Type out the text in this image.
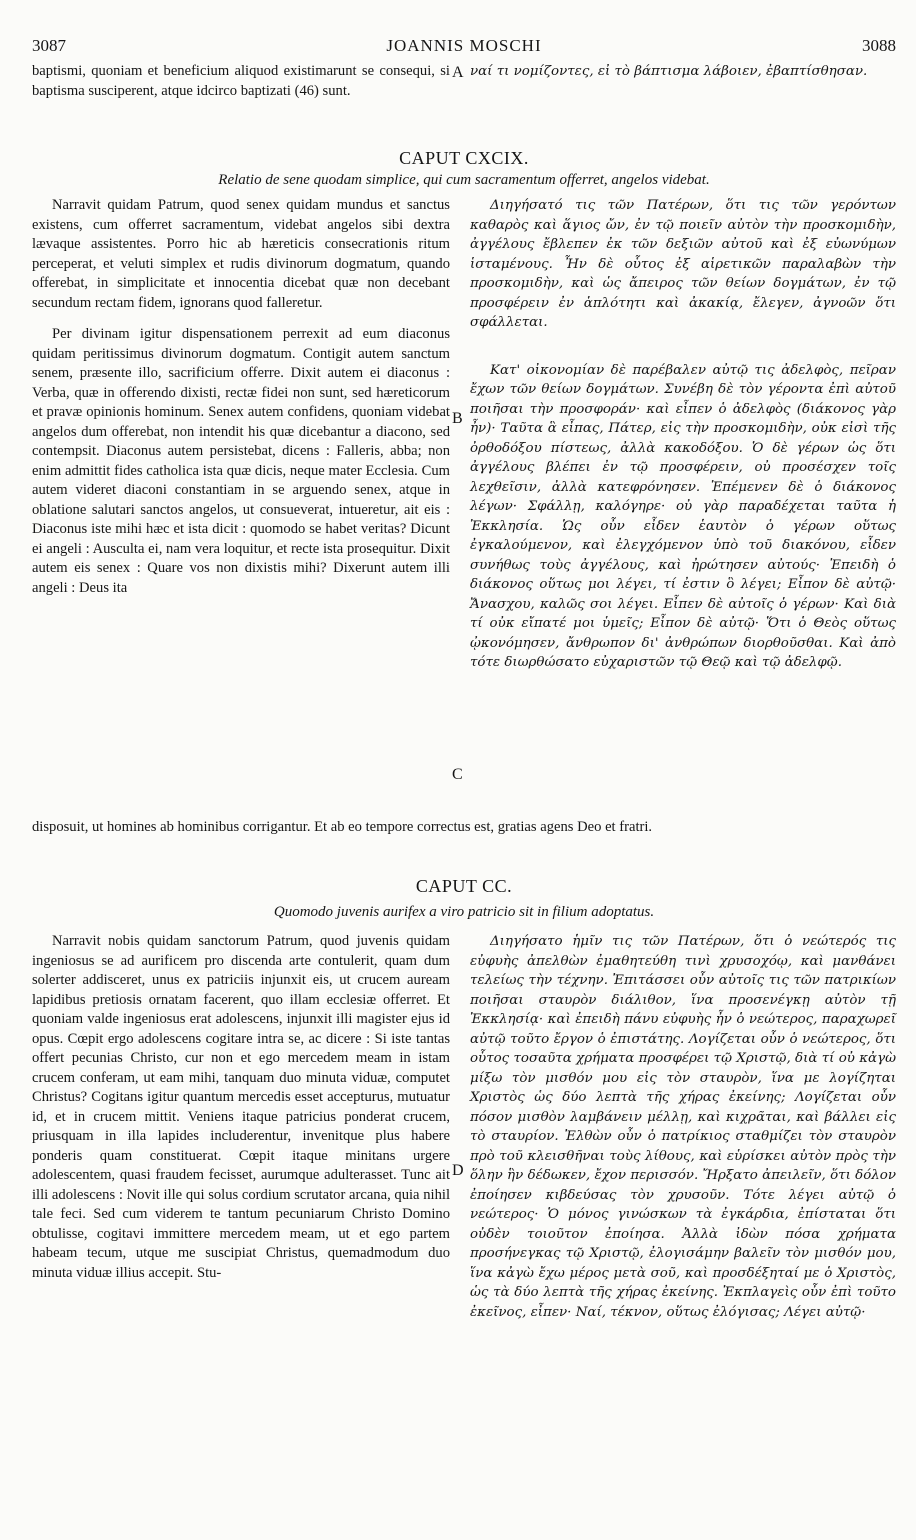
3087	JOANNIS MOSCHI	3088

baptismi, quoniam et beneficium aliquod existimarunt se consequi, si baptisma susciperent, atque idcirco baptizati (46) sunt.

ναί τι νομίζοντες, εἰ τὸ βάπτισμα λάβοιεν, ἐβαπτίσθησαν.

A
CAPUT CXCIX.
Relatio de sene quodam simplice, qui cum sacramentum offerret, angelos videbat.

Narravit quidam Patrum, quod senex quidam mundus et sanctus existens, cum offerret sacramentum, videbat angelos sibi dextra lævaque assistentes. Porro hic ab hæreticis consecrationis ritum perceperat, et veluti simplex et rudis divinorum dogmatum, quando offerebat, in simplicitate et innocentia dicebat quæ non decebant secundum rectam fidem, ignorans quod falleretur.

Per divinam igitur dispensationem perrexit ad eum diaconus quidam peritissimus divinorum dogmatum. Contigit autem sanctum senem, præsente illo, sacrificium offerre. Dixit autem ei diaconus : Verba, quæ in offerendo dixisti, rectæ fidei non sunt, sed hæreticorum et pravæ opinionis hominum. Senex autem confidens, quoniam videbat angelos dum offerebat, non intendit his quæ dicebantur a diacono, sed contempsit. Diaconus autem persistebat, dicens : Falleris, abba; non enim admittit fides catholica ista quæ dicis, neque mater Ecclesia. Cum autem videret diaconi constantiam in se arguendo senex, atque in oblatione salutari sanctos angelos, ut consueverat, intueretur, ait eis : Diaconus iste mihi hæc et ista dicit : quomodo se habet veritas? Dicunt ei angeli : Ausculta ei, nam vera loquitur, et recte ista prosequitur. Dixit autem eis senex : Quare vos non dixistis mihi? Dixerunt autem illi angeli : Deus ita

Διηγήσατό τις τῶν Πατέρων, ὅτι τις τῶν γερόντων καθαρὸς καὶ ἅγιος ὤν, ἐν τῷ ποιεῖν αὐτὸν τὴν προσκομιδὴν, ἀγγέλους ἔβλεπεν ἐκ τῶν δεξιῶν αὐτοῦ καὶ ἐξ εὐωνύμων ἱσταμένους. Ἦν δὲ οὗτος ἐξ αἱρετικῶν παραλαβὼν τὴν προσκομιδὴν, καὶ ὡς ἄπειρος τῶν θείων δογμάτων, ἐν τῷ προσφέρειν ἐν ἁπλότητι καὶ ἀκακίᾳ, ἔλεγεν, ἀγνοῶν ὅτι σφάλλεται.

Κατ' οἰκονομίαν δὲ παρέβαλεν αὐτῷ τις ἀδελφὸς, πεῖραν ἔχων τῶν θείων δογμάτων. Συνέβη δὲ τὸν γέροντα ἐπὶ αὐτοῦ ποιῆσαι τὴν προσφοράν· καὶ εἶπεν ὁ ἀδελφὸς (διάκονος γὰρ ἦν)· Ταῦτα ἃ εἶπας, Πάτερ, εἰς τὴν προσκομιδὴν, οὐκ εἰσὶ τῆς ὀρθοδόξου πίστεως, ἀλλὰ κακοδόξου. Ὁ δὲ γέρων ὡς ὅτι ἀγγέλους βλέπει ἐν τῷ προσφέρειν, οὐ προσέσχεν τοῖς λεχθεῖσιν, ἀλλὰ κατεφρόνησεν. Ἐπέμενεν δὲ ὁ διάκονος λέγων· Σφάλλῃ, καλόγηρε· οὐ γὰρ παραδέχεται ταῦτα ἡ Ἐκκλησία. Ὡς οὖν εἶδεν ἑαυτὸν ὁ γέρων οὕτως ἐγκαλούμενον, καὶ ἐλεγχόμενον ὑπὸ τοῦ διακόνου, εἶδεν συνήθως τοὺς ἀγγέλους, καὶ ἠρώτησεν αὐτούς· Ἐπειδὴ ὁ διάκονος οὕτως μοι λέγει, τί ἐστιν ὃ λέγει; Εἶπον δὲ αὐτῷ· Ἄνασχου, καλῶς σοι λέγει. Εἶπεν δὲ αὐτοῖς ὁ γέρων· Καὶ διὰ τί οὐκ εἴπατέ μοι ὑμεῖς; Εἶπον δὲ αὐτῷ· Ὅτι ὁ Θεὸς οὕτως ᾠκονόμησεν, ἄνθρωπον δι' ἀνθρώπων διορθοῦσθαι. Καὶ ἀπὸ τότε διωρθώσατο εὐχαριστῶν τῷ Θεῷ καὶ τῷ ἀδελφῷ.

B
C
disposuit, ut homines ab hominibus corrigantur. Et ab eo tempore correctus est, gratias agens Deo et fratri.
CAPUT CC.
Quomodo juvenis aurifex a viro patricio sit in filium adoptatus.

Narravit nobis quidam sanctorum Patrum, quod juvenis quidam ingeniosus se ad aurificem pro discenda arte contulerit, quam dum solerter addisceret, unus ex patriciis injunxit eis, ut crucem auream lapidibus pretiosis ornatam facerent, quo illam ecclesiæ offerret. Et quoniam valde ingeniosus erat adolescens, injunxit illi magister ejus id opus. Cœpit ergo adolescens cogitare intra se, ac dicere : Si iste tantas offert pecunias Christo, cur non et ego mercedem meam in istam crucem conferam, ut eam mihi, tanquam duo minuta viduæ, computet Christus? Cogitans igitur quantum mercedis esset accepturus, mutuatur id, et in crucem mittit. Veniens itaque patricius ponderat crucem, priusquam in illa lapides includerentur, invenitque plus habere ponderis quam constituerat. Cœpit itaque minitans urgere adolescentem, quasi fraudem fecisset, aurumque adulterasset. Tunc ait illi adolescens : Novit ille qui solus cordium scrutator arcana, quia nihil tale feci. Sed cum viderem te tantum pecuniarum Christo Domino obtulisse, cogitavi immittere mercedem meam, ut et ego partem habeam tecum, utque me suscipiat Christus, quemadmodum duo minuta viduæ illius accepit. Stu-

Διηγήσατο ἡμῖν τις τῶν Πατέρων, ὅτι ὁ νεώτερός τις εὐφυὴς ἀπελθὼν ἐμαθητεύθη τινὶ χρυσοχόῳ, καὶ μανθάνει τελείως τὴν τέχνην. Ἐπιτάσσει οὖν αὐτοῖς τις τῶν πατρικίων ποιῆσαι σταυρὸν διάλιθον, ἵνα προσενέγκῃ αὐτὸν τῇ Ἐκκλησίᾳ· καὶ ἐπειδὴ πάνυ εὐφυὴς ἦν ὁ νεώτερος, παραχωρεῖ αὐτῷ τοῦτο ἔργον ὁ ἐπιστάτης. Λογίζεται οὖν ὁ νεώτερος, ὅτι οὗτος τοσαῦτα χρήματα προσφέρει τῷ Χριστῷ, διὰ τί οὐ κἀγὼ μίξω τὸν μισθόν μου εἰς τὸν σταυρὸν, ἵνα με λογίζηται Χριστὸς ὡς δύο λεπτὰ τῆς χήρας ἐκείνης; Λογίζεται οὖν πόσον μισθὸν λαμβάνειν μέλλῃ, καὶ κιχρᾶται, καὶ βάλλει εἰς τὸ σταυρίον. Ἐλθὼν οὖν ὁ πατρίκιος σταθμίζει τὸν σταυρὸν πρὸ τοῦ κλεισθῆναι τοὺς λίθους, καὶ εὑρίσκει αὐτὸν πρὸς τὴν ὅλην ἣν δέδωκεν, ἔχον περισσόν. Ἤρξατο ἀπειλεῖν, ὅτι δόλον ἐποίησεν κιβδεύσας τὸν χρυσοῦν. Τότε λέγει αὐτῷ ὁ νεώτερος· Ὁ μόνος γινώσκων τὰ ἐγκάρδια, ἐπίσταται ὅτι οὐδὲν τοιοῦτον ἐποίησα. Ἀλλὰ ἰδὼν πόσα χρήματα προσήνεγκας τῷ Χριστῷ, ἐλογισάμην βαλεῖν τὸν μισθόν μου, ἵνα κἀγὼ ἔχω μέρος μετὰ σοῦ, καὶ προσδέξηταί με ὁ Χριστὸς, ὡς τὰ δύο λεπτὰ τῆς χήρας ἐκείνης. Ἐκπλαγεὶς οὖν ἐπὶ τοῦτο ἐκεῖνος, εἶπεν· Ναί, τέκνον, οὕτως ἐλόγισας; Λέγει αὐτῷ·

D
